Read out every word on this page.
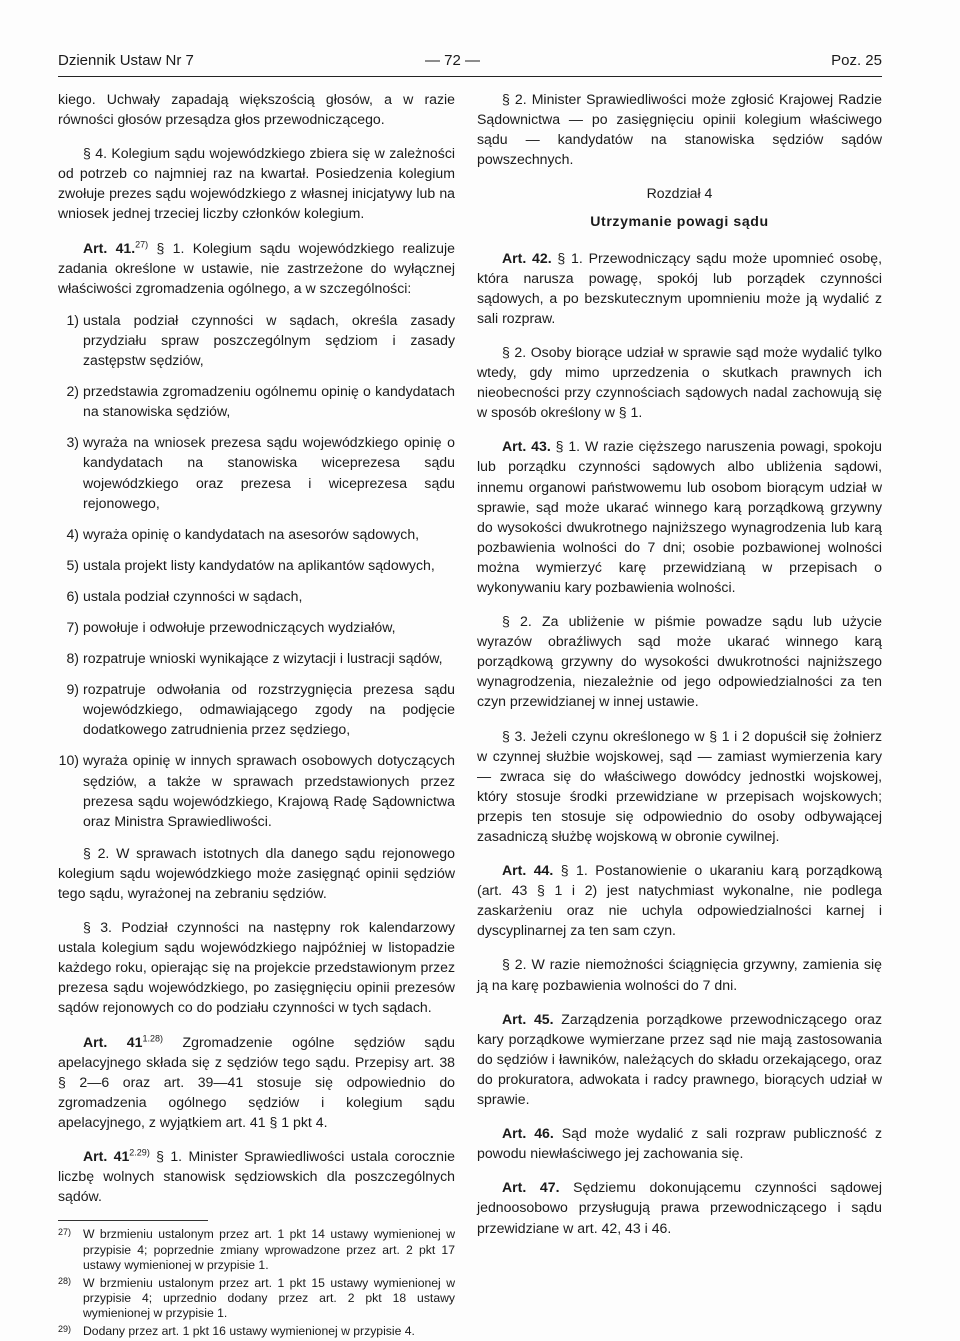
Dziennik Ustaw Nr 7	— 72 —	Poz. 25

kiego. Uchwały zapadają większością głosów, a w razie równości głosów przesądza głos przewodniczącego.

§ 4. Kolegium sądu wojewódzkiego zbiera się w zależności od potrzeb co najmniej raz na kwartał. Posiedzenia kolegium zwołuje prezes sądu wojewódzkiego z własnej inicjatywy lub na wniosek jednej trzeciej liczby członków kolegium.

Art. 41.$^{27)}$ § 1. Kolegium sądu wojewódzkiego realizuje zadania określone w ustawie, nie zastrzeżone do wyłącznej właściwości zgromadzenia ogólnego, a w szczególności:

1) ustala podział czynności w sądach, określa zasady przydziału spraw poszczególnym sędziom i zasady zastępstw sędziów,
2) przedstawia zgromadzeniu ogólnemu opinię o kandydatach na stanowiska sędziów,
3) wyraża na wniosek prezesa sądu wojewódzkiego opinię o kandydatach na stanowiska wiceprezesa sądu wojewódzkiego oraz prezesa i wiceprezesa sądu rejonowego,
4) wyraża opinię o kandydatach na asesorów sądowych,
5) ustala projekt listy kandydatów na aplikantów sądowych,
6) ustala podział czynności w sądach,
7) powołuje i odwołuje przewodniczących wydziałów,
8) rozpatruje wnioski wynikające z wizytacji i lustracji sądów,
9) rozpatruje odwołania od rozstrzygnięcia prezesa sądu wojewódzkiego, odmawiającego zgody na podjęcie dodatkowego zatrudnienia przez sędziego,
10) wyraża opinię w innych sprawach osobowych dotyczących sędziów, a także w sprawach przedstawionych przez prezesa sądu wojewódzkiego, Krajową Radę Sądownictwa oraz Ministra Sprawiedliwości.

§ 2. W sprawach istotnych dla danego sądu rejonowego kolegium sądu wojewódzkiego może zasięgnąć opinii sędziów tego sądu, wyrażonej na zebraniu sędziów.

§ 3. Podział czynności na następny rok kalendarzowy ustala kolegium sądu wojewódzkiego najpóźniej w listopadzie każdego roku, opierając się na projekcie przedstawionym przez prezesa sądu wojewódzkiego, po zasięgnięciu opinii prezesów sądów rejonowych co do podziału czynności w tych sądach.

Art. $41^{1.28)}$ Zgromadzenie ogólne sędziów sądu apelacyjnego składa się z sędziów tego sądu. Przepisy art. 38 § 2—6 oraz art. 39—41 stosuje się odpowiednio do zgromadzenia ogólnego sędziów i kolegium sądu apelacyjnego, z wyjątkiem art. 41 § 1 pkt 4.

Art. $41^{2.29)}$ § 1. Minister Sprawiedliwości ustala corocznie liczbę wolnych stanowisk sędziowskich dla poszczególnych sądów.

27) W brzmieniu ustalonym przez art. 1 pkt 14 ustawy wymienionej w przypisie 4; poprzednie zmiany wprowadzone przez art. 2 pkt 17 ustawy wymienionej w przypisie 1.
28) W brzmieniu ustalonym przez art. 1 pkt 15 ustawy wymienionej w przypisie 4; uprzednio dodany przez art. 2 pkt 18 ustawy wymienionej w przypisie 1.
29) Dodany przez art. 1 pkt 16 ustawy wymienionej w przypisie 4.

§ 2. Minister Sprawiedliwości może zgłosić Krajowej Radzie Sądownictwa — po zasięgnięciu opinii kolegium właściwego sądu — kandydatów na stanowiska sędziów sądów powszechnych.

Rozdział 4
Utrzymanie powagi sądu

Art. 42. § 1. Przewodniczący sądu może upomnieć osobę, która narusza powagę, spokój lub porządek czynności sądowych, a po bezskutecznym upomnieniu może ją wydalić z sali rozpraw.

§ 2. Osoby biorące udział w sprawie sąd może wydalić tylko wtedy, gdy mimo uprzedzenia o skutkach prawnych ich nieobecności przy czynnościach sądowych nadal zachowują się w sposób określony w § 1.

Art. 43. § 1. W razie cięższego naruszenia powagi, spokoju lub porządku czynności sądowych albo ubliżenia sądowi, innemu organowi państwowemu lub osobom biorącym udział w sprawie, sąd może ukarać winnego karą porządkową grzywny do wysokości dwukrotnego najniższego wynagrodzenia lub karą pozbawienia wolności do 7 dni; osobie pozbawionej wolności można wymierzyć karę przewidzianą w przepisach o wykonywaniu kary pozbawienia wolności.

§ 2. Za ubliżenie w piśmie powadze sądu lub użycie wyrazów obraźliwych sąd może ukarać winnego karą porządkową grzywny do wysokości dwukrotności najniższego wynagrodzenia, niezależnie od jego odpowiedzialności za ten czyn przewidzianej w innej ustawie.

§ 3. Jeżeli czynu określonego w § 1 i 2 dopuścił się żołnierz w czynnej służbie wojskowej, sąd — zamiast wymierzenia kary — zwraca się do właściwego dowódcy jednostki wojskowej, który stosuje środki przewidziane w przepisach wojskowych; przepis ten stosuje się odpowiednio do osoby odbywającej zasadniczą służbę wojskową w obronie cywilnej.

Art. 44. § 1. Postanowienie o ukaraniu karą porządkową (art. 43 § 1 i 2) jest natychmiast wykonalne, nie podlega zaskarżeniu oraz nie uchyla odpowiedzialności karnej i dyscyplinarnej za ten sam czyn.

§ 2. W razie niemożności ściągnięcia grzywny, zamienia się ją na karę pozbawienia wolności do 7 dni.

Art. 45. Zarządzenia porządkowe przewodniczącego oraz kary porządkowe wymierzane przez sąd nie mają zastosowania do sędziów i ławników, należących do składu orzekającego, oraz do prokuratora, adwokata i radcy prawnego, biorących udział w sprawie.

Art. 46. Sąd może wydalić z sali rozpraw publiczność z powodu niewłaściwego jej zachowania się.

Art. 47. Sędziemu dokonującemu czynności sądowej jednoosobowo przysługują prawa przewodniczącego i sądu przewidziane w art. 42, 43 i 46.
